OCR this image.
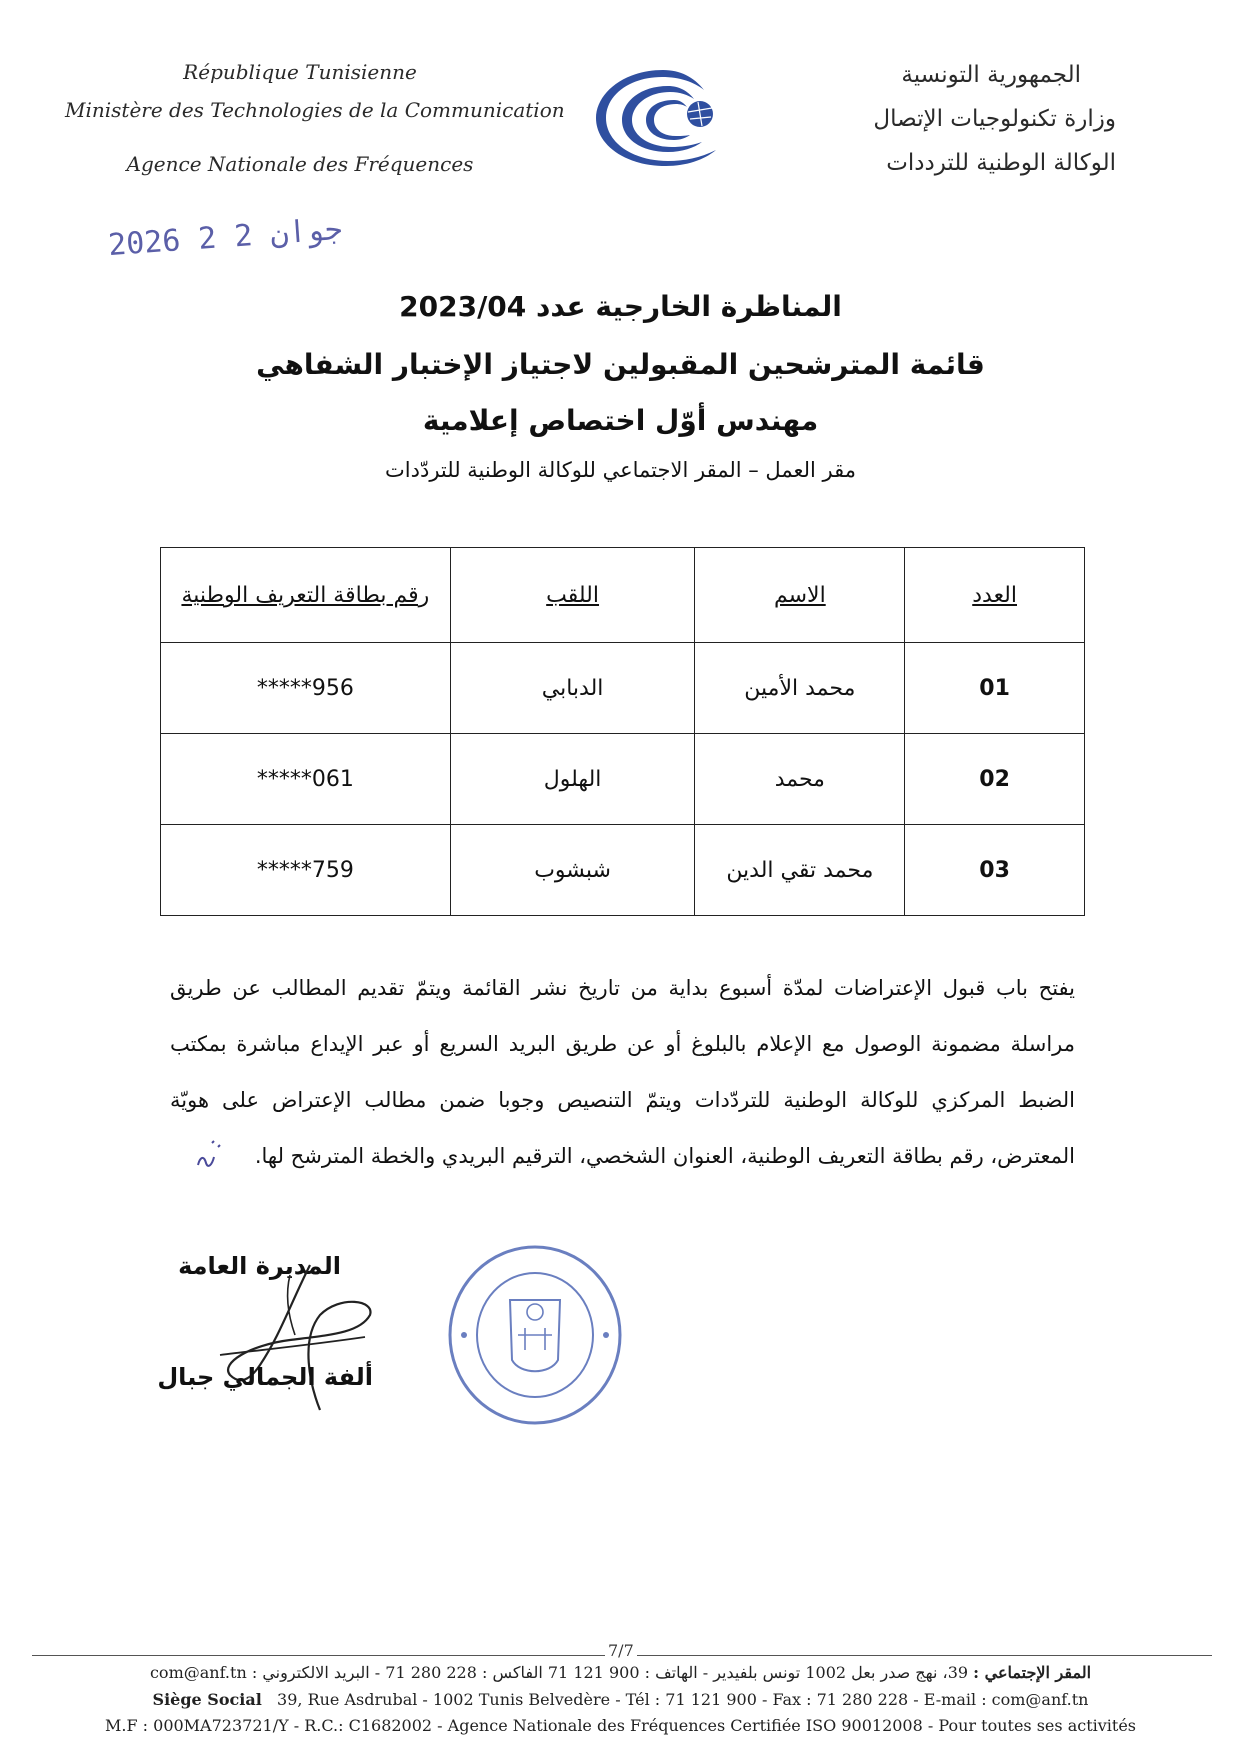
République Tunisienne
Ministère des Technologies de la Communication
Agence Nationale des Fréquences
الجمهورية التونسية
وزارة تكنولوجيات الإتصال
الوكالة الوطنية للترددات
2026 جوان 2 2
المناظرة الخارجية عدد 2023/04
قائمة المترشحين المقبولين لاجتياز الإختبار الشفاهي
مهندس أوّل اختصاص إعلامية
مقر العمل – المقر الاجتماعي للوكالة الوطنية للتردّدات
العدد	الاسم	اللقب	رقم بطاقة التعريف الوطنية
01	محمد الأمين	الدبابي	*****956
02	محمد	الهلول	*****061
03	محمد تقي الدين	شبشوب	*****759
يفتح باب قبول الإعتراضات لمدّة أسبوع بداية من تاريخ نشر القائمة ويتمّ تقديم المطالب عن طريق مراسلة مضمونة الوصول مع الإعلام بالبلوغ أو عن طريق البريد السريع أو عبر الإيداع مباشرة بمكتب الضبط المركزي للوكالة الوطنية للتردّدات ويتمّ التنصيص وجوبا ضمن مطالب الإعتراض على هويّة المعترض، رقم بطاقة التعريف الوطنية، العنوان الشخصي، الترقيم البريدي والخطة المترشح لها.
المديرة العامة
ألفة الجمالي جبال
7/7
المقر الإجتماعي : 39، نهج صدر بعل 1002 تونس بلفيدير - الهاتف : 900 121 71 الفاكس : 228 280 71 - البريد الالكتروني : com@anf.tn
Siège Social 39, Rue Asdrubal - 1002 Tunis Belvedère - Tél : 71 121 900 - Fax : 71 280 228 - E-mail : com@anf.tn
M.F : 000MA723721/Y - R.C.: C1682002 - Agence Nationale des Fréquences Certifiée ISO 90012008 - Pour toutes ses activités
